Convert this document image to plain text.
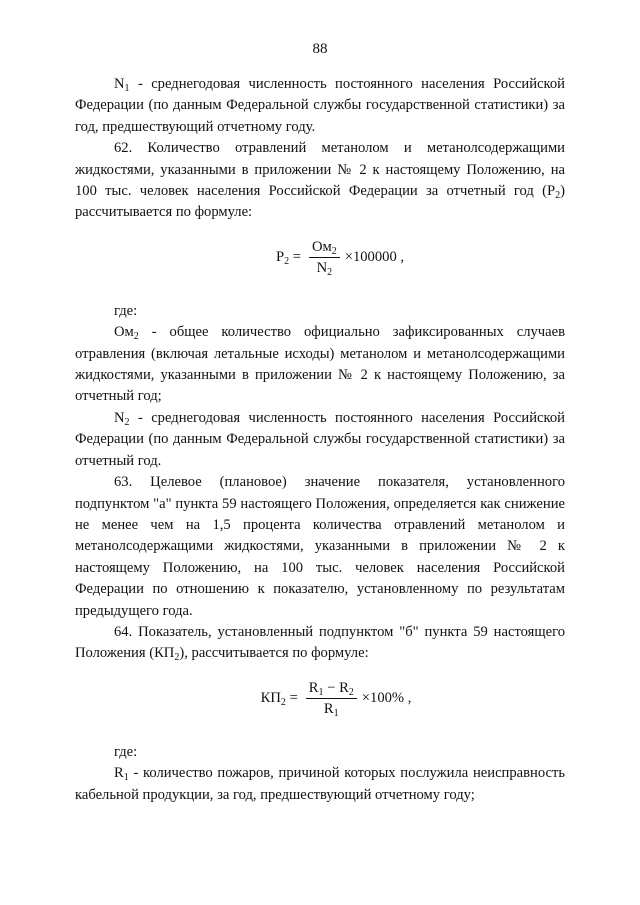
88

$N_1$ - среднегодовая численность постоянного населения Российской Федерации (по данным Федеральной службы государственной статистики) за год, предшествующий отчетному году.

62. Количество отравлений метанолом и метанолсодержащими жидкостями, указанными в приложении № 2 к настоящему Положению, на 100 тыс. человек населения Российской Федерации за отчетный год $(P_2)$ рассчитывается по формуле:

$P_2 = \frac{Ом_2}{N_2} \times 100000$ ,

где:

$Ом_2$ - общее количество официально зафиксированных случаев отравления (включая летальные исходы) метанолом и метанолсодержащими жидкостями, указанными в приложении № 2 к настоящему Положению, за отчетный год;

$N_2$ - среднегодовая численность постоянного населения Российской Федерации (по данным Федеральной службы государственной статистики) за отчетный год.

63. Целевое (плановое) значение показателя, установленного подпунктом "а" пункта 59 настоящего Положения, определяется как снижение не менее чем на 1,5 процента количества отравлений метанолом и метанолсодержащими жидкостями, указанными в приложении № 2 к настоящему Положению, на 100 тыс. человек населения Российской Федерации по отношению к показателю, установленному по результатам предыдущего года.

64. Показатель, установленный подпунктом "б" пункта 59 настоящего Положения $(КП_2)$, рассчитывается по формуле:

$КП_2 = \frac{R_1 - R_2}{R_1} \times 100\%$ ,

где:

$R_1$ - количество пожаров, причиной которых послужила неисправность кабельной продукции, за год, предшествующий отчетному году;
